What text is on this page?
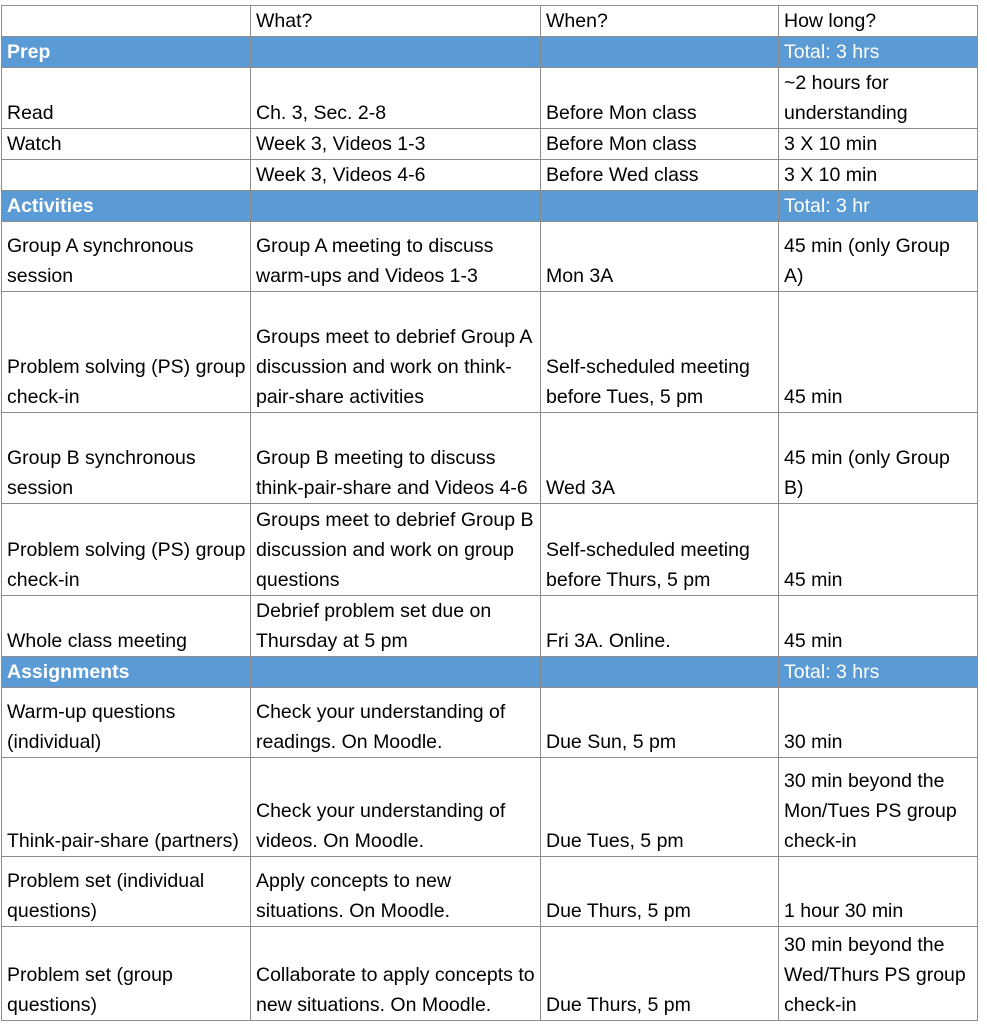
	What?	When?	How long?
Prep			Total: 3 hrs
Read	Ch. 3, Sec. 2-8	Before Mon class	~2 hours for understanding
Watch	Week 3, Videos 1-3	Before Mon class	3 X 10 min
	Week 3, Videos 4-6	Before Wed class	3 X 10 min
Activities			Total: 3 hr
Group A synchronous session	Group A meeting to discuss warm-ups and Videos 1-3	Mon 3A	45 min (only Group A)
Problem solving (PS) group check-in	Groups meet to debrief Group A discussion and work on think-pair-share activities	Self-scheduled meeting before Tues, 5 pm	45 min
Group B synchronous session	Group B meeting to discuss think-pair-share and Videos 4-6	Wed 3A	45 min (only Group B)
Problem solving (PS) group check-in	Groups meet to debrief Group B discussion and work on group questions	Self-scheduled meeting before Thurs, 5 pm	45 min
Whole class meeting	Debrief problem set due on Thursday at 5 pm	Fri 3A. Online.	45 min
Assignments			Total: 3 hrs
Warm-up questions (individual)	Check your understanding of readings. On Moodle.	Due Sun, 5 pm	30 min
Think-pair-share (partners)	Check your understanding of videos. On Moodle.	Due Tues, 5 pm	30 min beyond the Mon/Tues PS group check-in
Problem set (individual questions)	Apply concepts to new situations. On Moodle.	Due Thurs, 5 pm	1 hour 30 min
Problem set (group questions)	Collaborate to apply concepts to new situations. On Moodle.	Due Thurs, 5 pm	30 min beyond the Wed/Thurs PS group check-in
